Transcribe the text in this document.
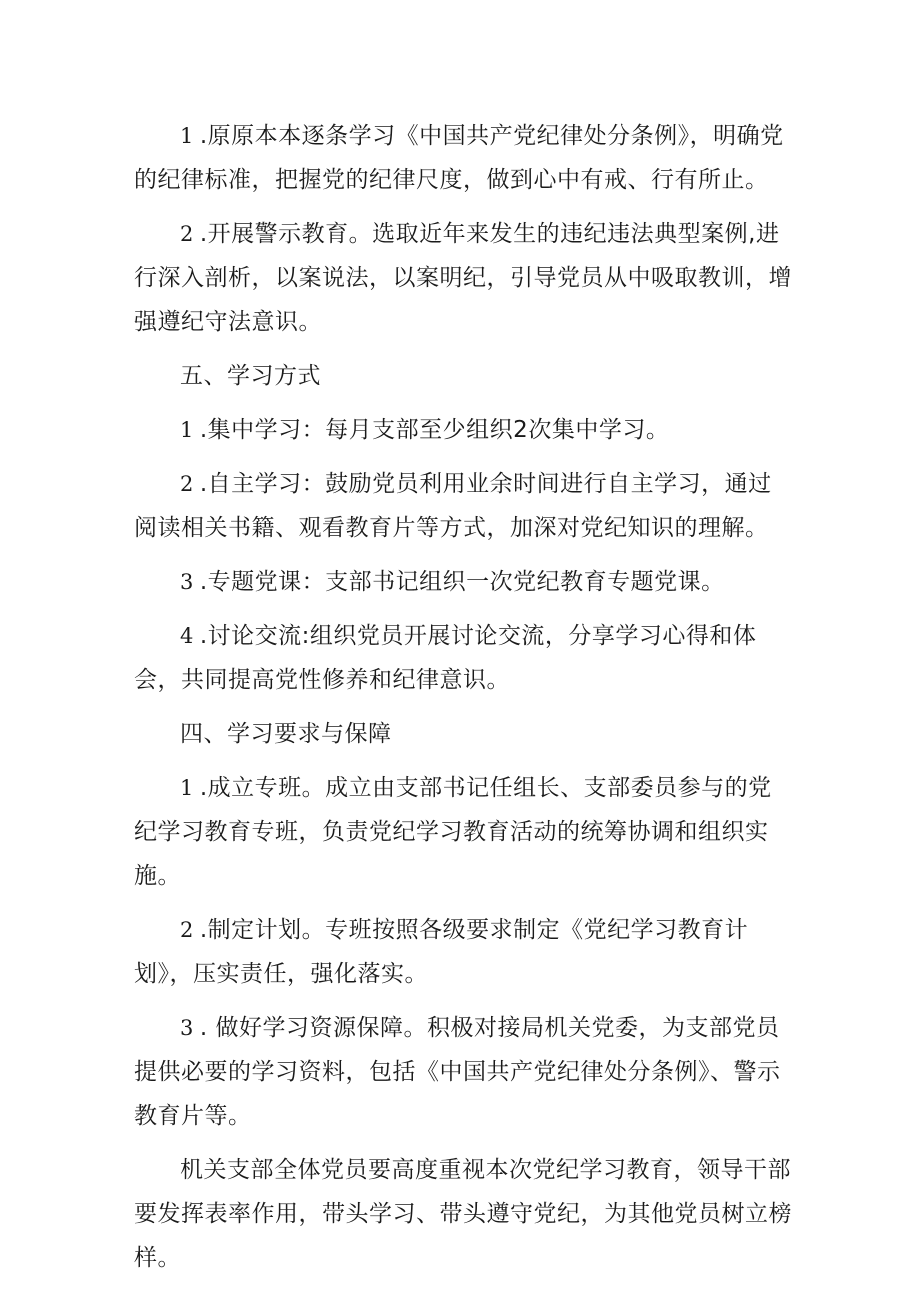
1 .原原本本逐条学习《中国共产党纪律处分条例》，明确党的纪律标准，把握党的纪律尺度，做到心中有戒、行有所止。

2 .开展警示教育。选取近年来发生的违纪违法典型案例,进行深入剖析，以案说法，以案明纪，引导党员从中吸取教训，增强遵纪守法意识。

五、学习方式

1 .集中学习：每月支部至少组织2次集中学习。

2 .自主学习：鼓励党员利用业余时间进行自主学习，通过阅读相关书籍、观看教育片等方式，加深对党纪知识的理解。

3 .专题党课：支部书记组织一次党纪教育专题党课。

4 .讨论交流:组织党员开展讨论交流，分享学习心得和体会，共同提高党性修养和纪律意识。

四、学习要求与保障

1 .成立专班。成立由支部书记任组长、支部委员参与的党纪学习教育专班，负责党纪学习教育活动的统筹协调和组织实施。

2 .制定计划。专班按照各级要求制定《党纪学习教育计划》，压实责任，强化落实。

3 . 做好学习资源保障。积极对接局机关党委，为支部党员提供必要的学习资料，包括《中国共产党纪律处分条例》、警示教育片等。

机关支部全体党员要高度重视本次党纪学习教育，领导干部要发挥表率作用，带头学习、带头遵守党纪，为其他党员树立榜样。
